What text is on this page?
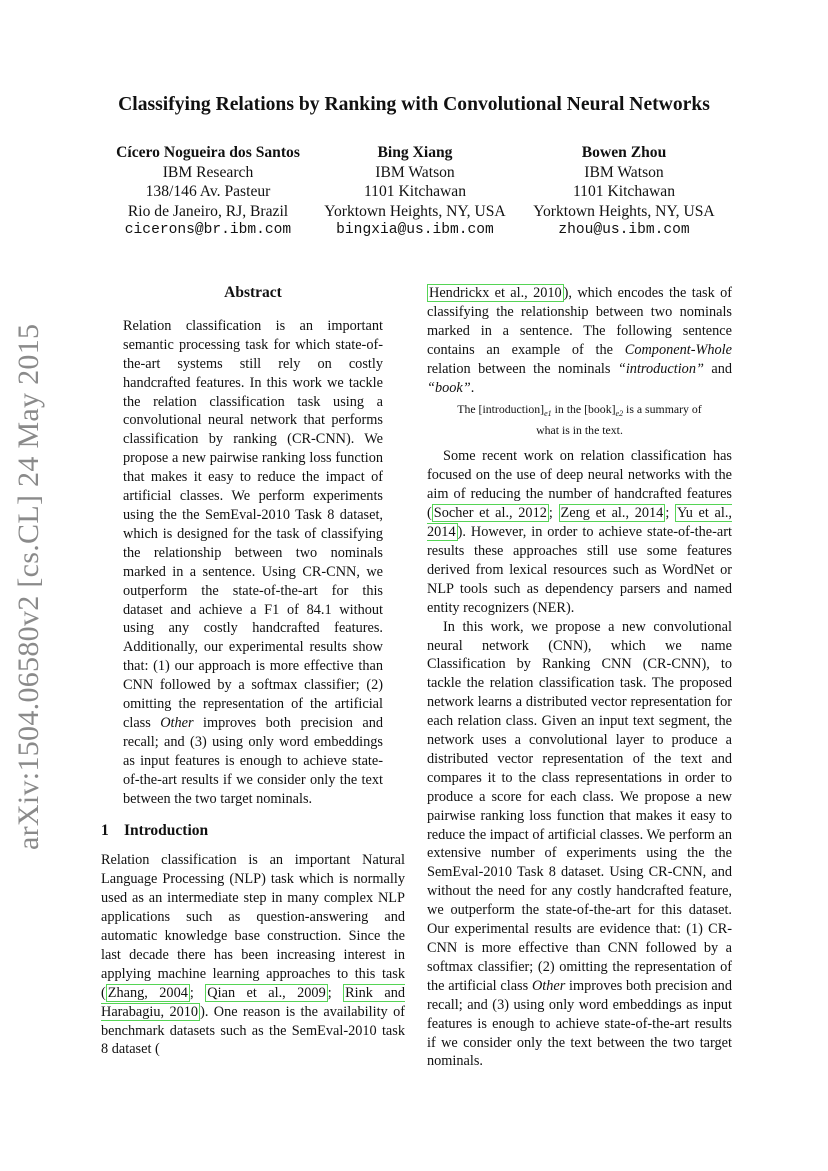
arXiv:1504.06580v2 [cs.CL] 24 May 2015
Classifying Relations by Ranking with Convolutional Neural Networks
Cícero Nogueira dos Santos
IBM Research
138/146 Av. Pasteur
Rio de Janeiro, RJ, Brazil
cicerons@br.ibm.com
Bing Xiang
IBM Watson
1101 Kitchawan
Yorktown Heights, NY, USA
bingxia@us.ibm.com
Bowen Zhou
IBM Watson
1101 Kitchawan
Yorktown Heights, NY, USA
zhou@us.ibm.com
Abstract

Relation classification is an important semantic processing task for which state-of-the-art systems still rely on costly handcrafted features. In this work we tackle the relation classification task using a convolutional neural network that performs classification by ranking (CR-CNN). We propose a new pairwise ranking loss function that makes it easy to reduce the impact of artificial classes. We perform experiments using the the SemEval-2010 Task 8 dataset, which is designed for the task of classifying the relationship between two nominals marked in a sentence. Using CR-CNN, we outperform the state-of-the-art for this dataset and achieve a F1 of 84.1 without using any costly handcrafted features. Additionally, our experimental results show that: (1) our approach is more effective than CNN followed by a softmax classifier; (2) omitting the representation of the artificial class Other improves both precision and recall; and (3) using only word embeddings as input features is enough to achieve state-of-the-art results if we consider only the text between the two target nominals.

1 Introduction

Relation classification is an important Natural Language Processing (NLP) task which is normally used as an intermediate step in many complex NLP applications such as question-answering and automatic knowledge base construction. Since the last decade there has been increasing interest in applying machine learning approaches to this task ( Zhang, 2004 ; Qian et al., 2009 ; Rink and Harabagiu, 2010 ). One reason is the availability of benchmark datasets such as the SemEval-2010 task 8 dataset (

Hendrickx et al., 2010 ), which encodes the task of classifying the relationship between two nominals marked in a sentence. The following sentence contains an example of the Component-Whole relation between the nominals “introduction” and “book”.

The $[introduction]_{e1}$ in the $[book]_{e2}$ is a summary of what is in the text.

Some recent work on relation classification has focused on the use of deep neural networks with the aim of reducing the number of handcrafted features ( Socher et al., 2012 ; Zeng et al., 2014 ; Yu et al., 2014 ). However, in order to achieve state-of-the-art results these approaches still use some features derived from lexical resources such as WordNet or NLP tools such as dependency parsers and named entity recognizers (NER).

In this work, we propose a new convolutional neural network (CNN), which we name Classification by Ranking CNN (CR-CNN), to tackle the relation classification task. The proposed network learns a distributed vector representation for each relation class. Given an input text segment, the network uses a convolutional layer to produce a distributed vector representation of the text and compares it to the class representations in order to produce a score for each class. We propose a new pairwise ranking loss function that makes it easy to reduce the impact of artificial classes. We perform an extensive number of experiments using the the SemEval-2010 Task 8 dataset. Using CR-CNN, and without the need for any costly handcrafted feature, we outperform the state-of-the-art for this dataset. Our experimental results are evidence that: (1) CR-CNN is more effective than CNN followed by a softmax classifier; (2) omitting the representation of the artificial class Other improves both precision and recall; and (3) using only word embeddings as input features is enough to achieve state-of-the-art results if we consider only the text between the two target nominals.
